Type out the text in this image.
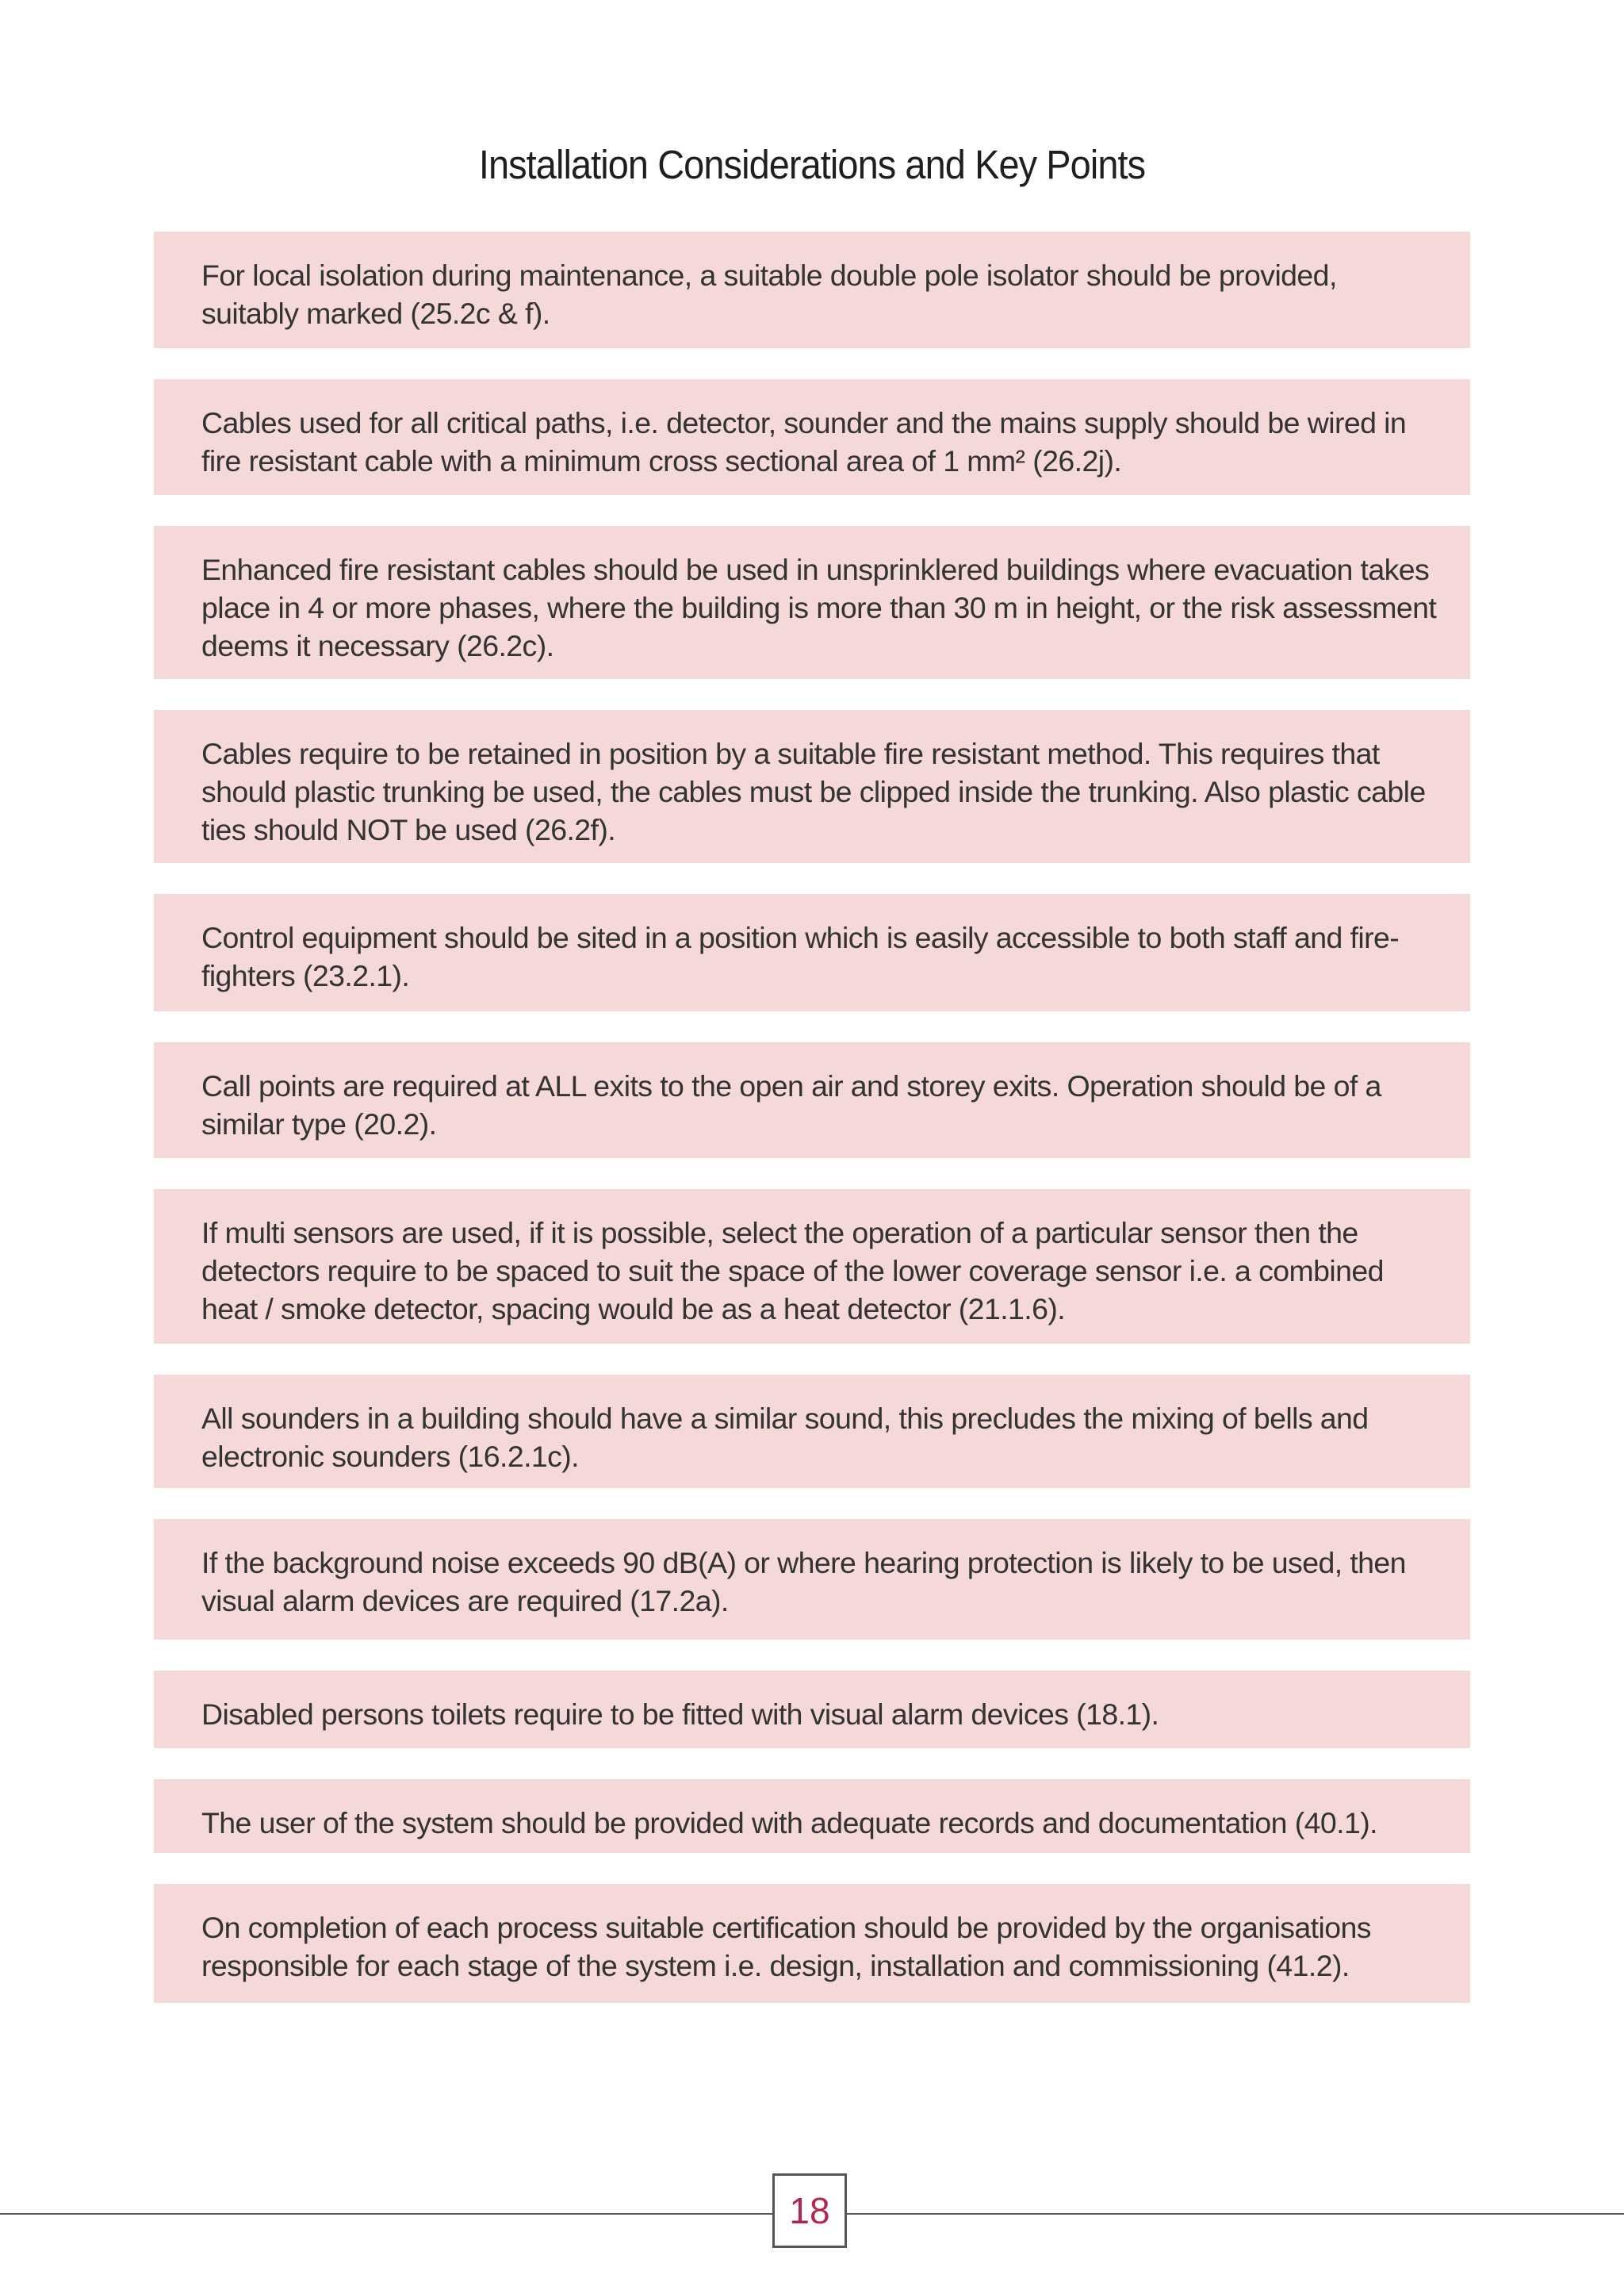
Installation Considerations and Key Points

For local isolation during maintenance, a suitable double pole isolator should be provided, suitably marked (25.2c & f).

Cables used for all critical paths, i.e. detector, sounder and the mains supply should be wired in fire resistant cable with a minimum cross sectional area of 1 mm² (26.2j).

Enhanced fire resistant cables should be used in unsprinklered buildings where evacuation takes place in 4 or more phases, where the building is more than 30 m in height, or the risk assessment deems it necessary (26.2c).

Cables require to be retained in position by a suitable fire resistant method. This requires that should plastic trunking be used, the cables must be clipped inside the trunking. Also plastic cable ties should NOT be used (26.2f).

Control equipment should be sited in a position which is easily accessible to both staff and fire-fighters (23.2.1).

Call points are required at ALL exits to the open air and storey exits. Operation should be of a similar type (20.2).

If multi sensors are used, if it is possible, select the operation of a particular sensor then the detectors require to be spaced to suit the space of the lower coverage sensor i.e. a combined heat / smoke detector, spacing would be as a heat detector (21.1.6).

All sounders in a building should have a similar sound, this precludes the mixing of bells and electronic sounders (16.2.1c).

If the background noise exceeds 90 dB(A) or where hearing protection is likely to be used, then visual alarm devices are required (17.2a).

Disabled persons toilets require to be fitted with visual alarm devices (18.1).

The user of the system should be provided with adequate records and documentation (40.1).

On completion of each process suitable certification should be provided by the organisations responsible for each stage of the system i.e. design, installation and commissioning (41.2).

18
